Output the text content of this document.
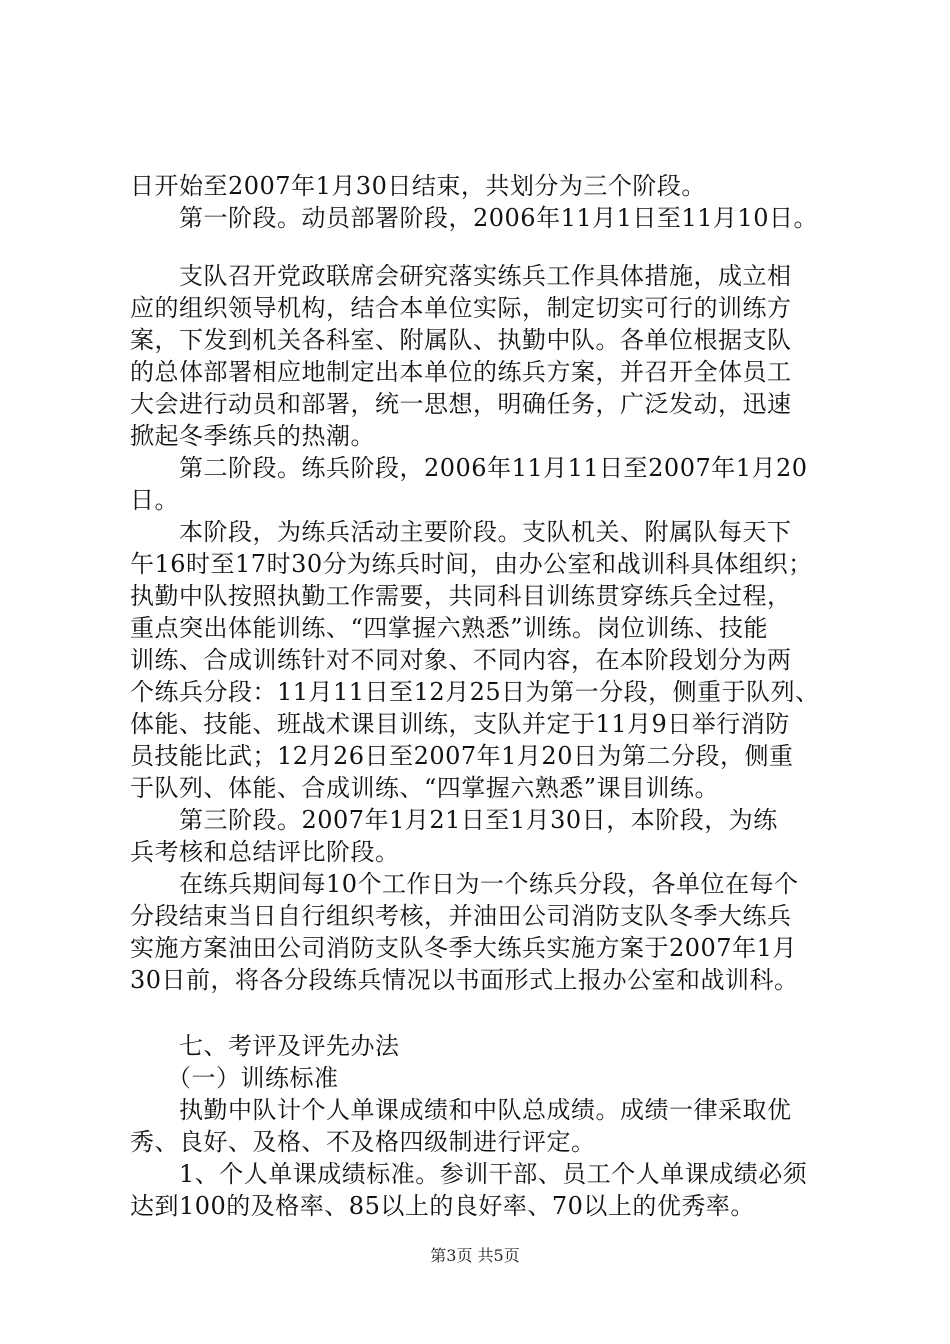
日开始至2007年1月30日结束，共划分为三个阶段。
　　第一阶段。动员部署阶段，2006年11月1日至11月10日。
　　支队召开党政联席会研究落实练兵工作具体措施，成立相
应的组织领导机构，结合本单位实际，制定切实可行的训练方
案，下发到机关各科室、附属队、执勤中队。各单位根据支队
的总体部署相应地制定出本单位的练兵方案，并召开全体员工
大会进行动员和部署，统一思想，明确任务，广泛发动，迅速
掀起冬季练兵的热潮。
　　第二阶段。练兵阶段，2006年11月11日至2007年1月20
日。
　　本阶段，为练兵活动主要阶段。支队机关、附属队每天下
午16时至17时30分为练兵时间，由办公室和战训科具体组织；
执勤中队按照执勤工作需要，共同科目训练贯穿练兵全过程，
重点突出体能训练、“四掌握六熟悉”训练。岗位训练、技能
训练、合成训练针对不同对象、不同内容，在本阶段划分为两
个练兵分段：11月11日至12月25日为第一分段，侧重于队列、
体能、技能、班战术课目训练，支队并定于11月9日举行消防
员技能比武；12月26日至2007年1月20日为第二分段，侧重
于队列、体能、合成训练、“四掌握六熟悉”课目训练。
　　第三阶段。2007年1月21日至1月30日，本阶段，为练
兵考核和总结评比阶段。
　　在练兵期间每10个工作日为一个练兵分段，各单位在每个
分段结束当日自行组织考核，并油田公司消防支队冬季大练兵
实施方案油田公司消防支队冬季大练兵实施方案于2007年1月
30日前，将各分段练兵情况以书面形式上报办公室和战训科。
　　七、考评及评先办法
　　（一）训练标准
　　执勤中队计个人单课成绩和中队总成绩。成绩一律采取优
秀、良好、及格、不及格四级制进行评定。
　　1、个人单课成绩标准。参训干部、员工个人单课成绩必须
达到100的及格率、85以上的良好率、70以上的优秀率。
第3页 共5页
